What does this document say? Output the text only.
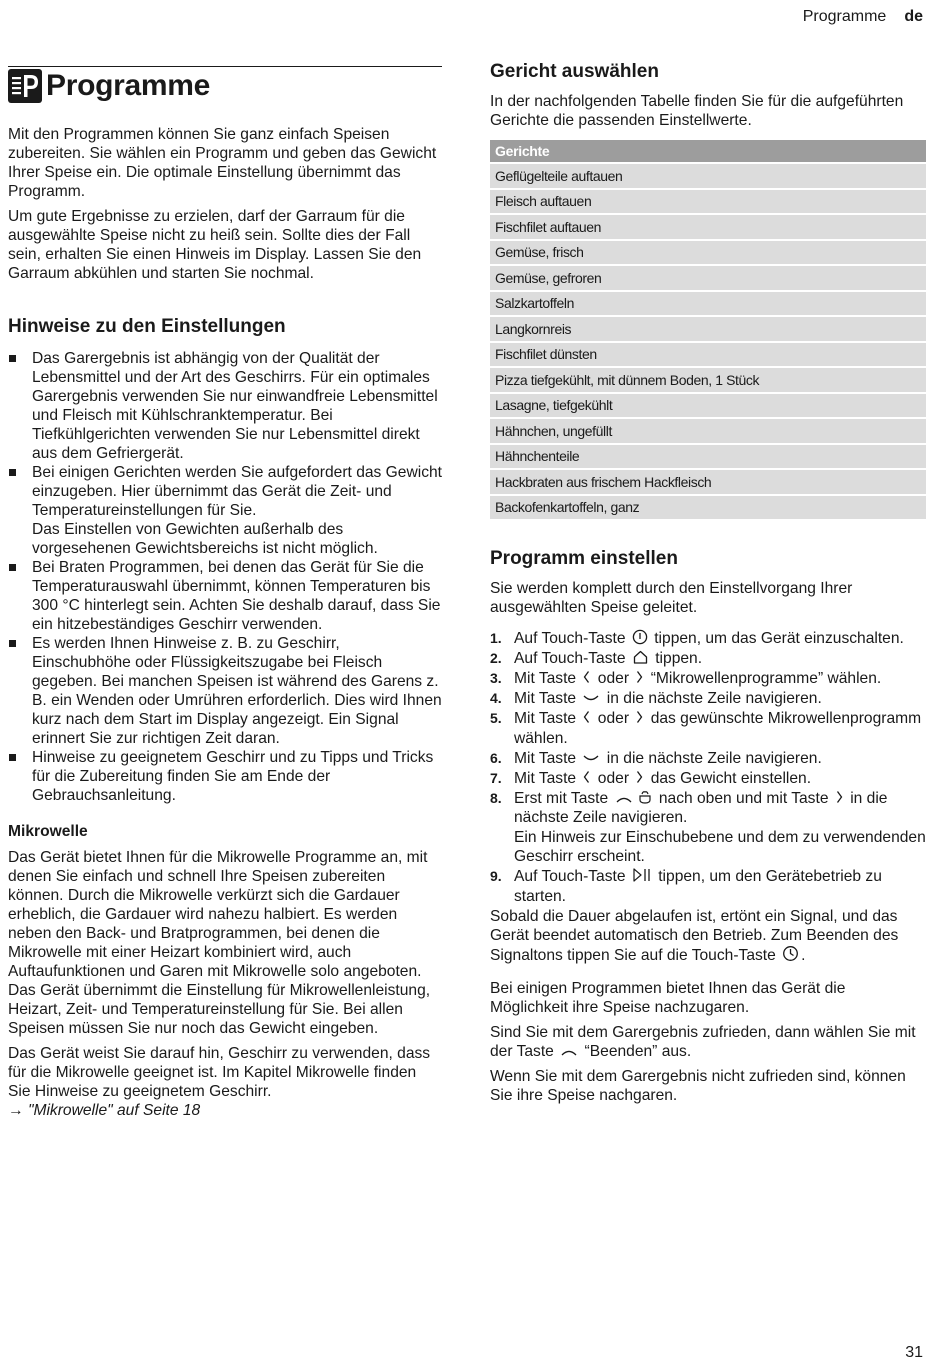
Programme de
Programme

Mit den Programmen können Sie ganz einfach Speisen zubereiten. Sie wählen ein Programm und geben das Gewicht Ihrer Speise ein. Die optimale Einstellung übernimmt das Programm.

Um gute Ergebnisse zu erzielen, darf der Garraum für die ausgewählte Speise nicht zu heiß sein. Sollte dies der Fall sein, erhalten Sie einen Hinweis im Display. Lassen Sie den Garraum abkühlen und starten Sie nochmal.

Hinweise zu den Einstellungen
Das Garergebnis ist abhängig von der Qualität der Lebensmittel und der Art des Geschirrs. Für ein optimales Garergebnis verwenden Sie nur einwandfreie Lebensmittel und Fleisch mit Kühlschranktemperatur. Bei Tiefkühlgerichten verwenden Sie nur Lebensmittel direkt aus dem Gefriergerät.
Bei einigen Gerichten werden Sie aufgefordert das Gewicht einzugeben. Hier übernimmt das Gerät die Zeit- und Temperatureinstellungen für Sie.
Das Einstellen von Gewichten außerhalb des vorgesehenen Gewichtsbereichs ist nicht möglich.
Bei Braten Programmen, bei denen das Gerät für Sie die Temperaturauswahl übernimmt, können Temperaturen bis 300 °C hinterlegt sein. Achten Sie deshalb darauf, dass Sie ein hitzebeständiges Geschirr verwenden.
Es werden Ihnen Hinweise z. B. zu Geschirr, Einschubhöhe oder Flüssigkeitszugabe bei Fleisch gegeben. Bei manchen Speisen ist während des Garens z. B. ein Wenden oder Umrühren erforderlich. Dies wird Ihnen kurz nach dem Start im Display angezeigt. Ein Signal erinnert Sie zur richtigen Zeit daran.
Hinweise zu geeignetem Geschirr und zu Tipps und Tricks für die Zubereitung finden Sie am Ende der Gebrauchsanleitung.
Mikrowelle

Das Gerät bietet Ihnen für die Mikrowelle Programme an, mit denen Sie einfach und schnell Ihre Speisen zubereiten können. Durch die Mikrowelle verkürzt sich die Gardauer erheblich, die Gardauer wird nahezu halbiert. Es werden neben den Back- und Bratprogrammen, bei denen die Mikrowelle mit einer Heizart kombiniert wird, auch Auftaufunktionen und Garen mit Mikrowelle solo angeboten.

Das Gerät übernimmt die Einstellung für Mikrowellenleistung, Heizart, Zeit- und Temperatureinstellung für Sie. Bei allen Speisen müssen Sie nur noch das Gewicht eingeben.

Das Gerät weist Sie darauf hin, Geschirr zu verwenden, dass für die Mikrowelle geeignet ist. Im Kapitel Mikrowelle finden Sie Hinweise zu geeignetem Geschirr.

→ "Mikrowelle" auf Seite 18
Gericht auswählen

In der nachfolgenden Tabelle finden Sie für die aufgeführten Gerichte die passenden Einstellwerte.

Gerichte
Geflügelteile auftauen
Fleisch auftauen
Fischfilet auftauen
Gemüse, frisch
Gemüse, gefroren
Salzkartoffeln
Langkornreis
Fischfilet dünsten
Pizza tiefgekühlt, mit dünnem Boden, 1 Stück
Lasagne, tiefgekühlt
Hähnchen, ungefüllt
Hähnchenteile
Hackbraten aus frischem Hackfleisch
Backofenkartoffeln, ganz
Programm einstellen

Sie werden komplett durch den Einstellvorgang Ihrer ausgewählten Speise geleitet.

1. Auf Touch-Taste tippen, um das Gerät einzuschalten.
2. Auf Touch-Taste tippen.
3. Mit Taste oder “Mikrowellenprogramme” wählen.
4. Mit Taste in die nächste Zeile navigieren.
5. Mit Taste oder das gewünschte Mikrowellenprogramm wählen.
6. Mit Taste in die nächste Zeile navigieren.
7. Mit Taste oder das Gewicht einstellen.
8. Erst mit Taste	nach oben und mit Taste in die nächste Zeile navigieren.
Ein Hinweis zur Einschubebene und dem zu verwendenden Geschirr erscheint.
9. Auf Touch-Taste tippen, um den Gerätebetrieb zu starten.

Sobald die Dauer abgelaufen ist, ertönt ein Signal, und das Gerät beendet automatisch den Betrieb. Zum Beenden des Signaltons tippen Sie auf die Touch-Taste .

Bei einigen Programmen bietet Ihnen das Gerät die Möglichkeit ihre Speise nachzugaren.

Sind Sie mit dem Garergebnis zufrieden, dann wählen Sie mit der Taste “Beenden” aus.

Wenn Sie mit dem Garergebnis nicht zufrieden sind, können Sie ihre Speise nachgaren.

31
